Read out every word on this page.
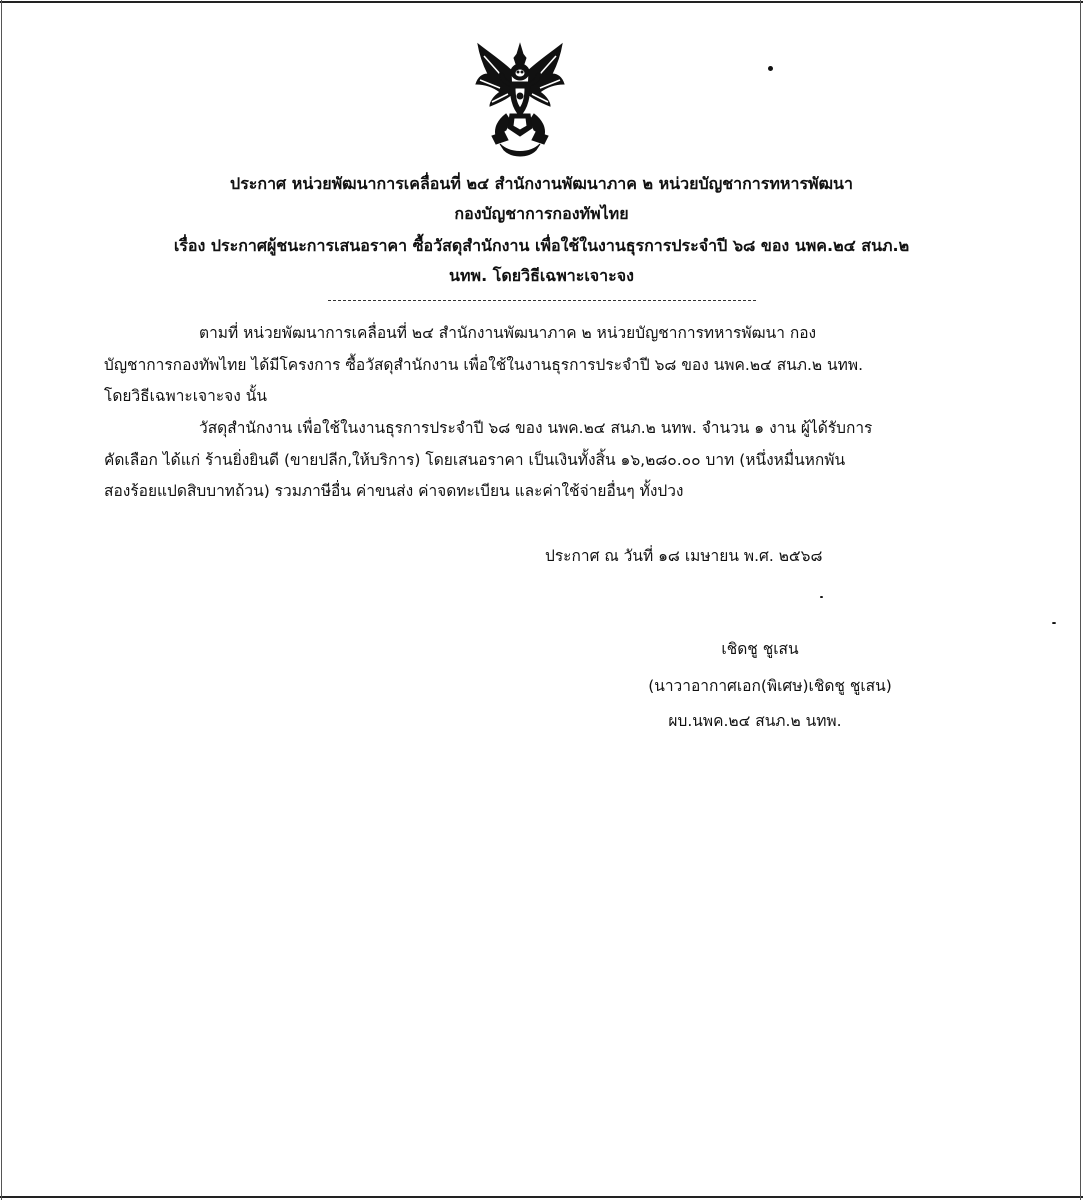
ประกาศ หน่วยพัฒนาการเคลื่อนที่ ๒๔ สำนักงานพัฒนาภาค ๒ หน่วยบัญชาการทหารพัฒนา
กองบัญชาการกองทัพไทย
เรื่อง ประกาศผู้ชนะการเสนอราคา ซื้อวัสดุสำนักงาน เพื่อใช้ในงานธุรการประจำปี ๖๘ ของ นพค.๒๔ สนภ.๒
นทพ. โดยวิธีเฉพาะเจาะจง
ตามที่ หน่วยพัฒนาการเคลื่อนที่ ๒๔ สำนักงานพัฒนาภาค ๒ หน่วยบัญชาการทหารพัฒนา กอง
บัญชาการกองทัพไทย ได้มีโครงการ ซื้อวัสดุสำนักงาน เพื่อใช้ในงานธุรการประจำปี ๖๘ ของ นพค.๒๔ สนภ.๒ นทพ.
โดยวิธีเฉพาะเจาะจง นั้น
วัสดุสำนักงาน เพื่อใช้ในงานธุรการประจำปี ๖๘ ของ นพค.๒๔ สนภ.๒ นทพ. จำนวน ๑ งาน ผู้ได้รับการ
คัดเลือก ได้แก่ ร้านยิ่งยินดี (ขายปลีก,ให้บริการ) โดยเสนอราคา เป็นเงินทั้งสิ้น ๑๖,๒๘๐.๐๐ บาท (หนึ่งหมื่นหกพัน
สองร้อยแปดสิบบาทถ้วน) รวมภาษีอื่น ค่าขนส่ง ค่าจดทะเบียน และค่าใช้จ่ายอื่นๆ ทั้งปวง
ประกาศ ณ วันที่ ๑๘ เมษายน พ.ศ. ๒๕๖๘
เชิดชู ชูเสน
(นาวาอากาศเอก(พิเศษ)เชิดชู ชูเสน)
ผบ.นพค.๒๔ สนภ.๒ นทพ.
